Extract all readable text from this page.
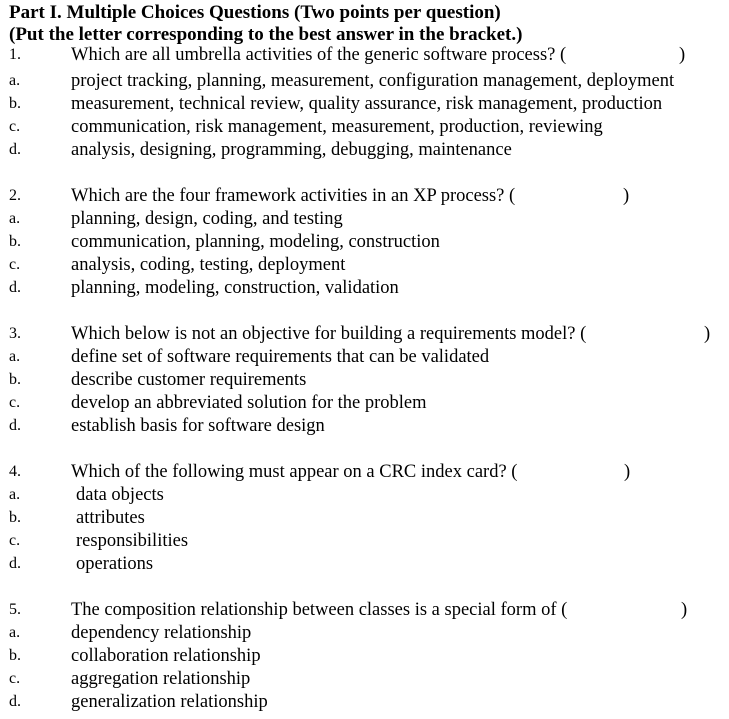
Part I. Multiple Choices Questions (Two points per question)
(Put the letter corresponding to the best answer in the bracket.)
1.	Which are all umbrella activities of the generic software process? (	)
a.	project tracking, planning, measurement, configuration management, deployment
b.	measurement, technical review, quality assurance, risk management, production
c.	communication, risk management, measurement, production, reviewing
d.	analysis, designing, programming, debugging, maintenance
2.	Which are the four framework activities in an XP process? (	)
a.	planning, design, coding, and testing
b.	communication, planning, modeling, construction
c.	analysis, coding, testing, deployment
d.	planning, modeling, construction, validation
3.	Which below is not an objective for building a requirements model? (	)
a.	define set of software requirements that can be validated
b.	describe customer requirements
c.	develop an abbreviated solution for the problem
d.	establish basis for software design
4.	Which of the following must appear on a CRC index card? (	)
a.	data objects
b.	attributes
c.	responsibilities
d.	operations
5.	The composition relationship between classes is a special form of (	)
a.	dependency relationship
b.	collaboration relationship
c.	aggregation relationship
d.	generalization relationship
